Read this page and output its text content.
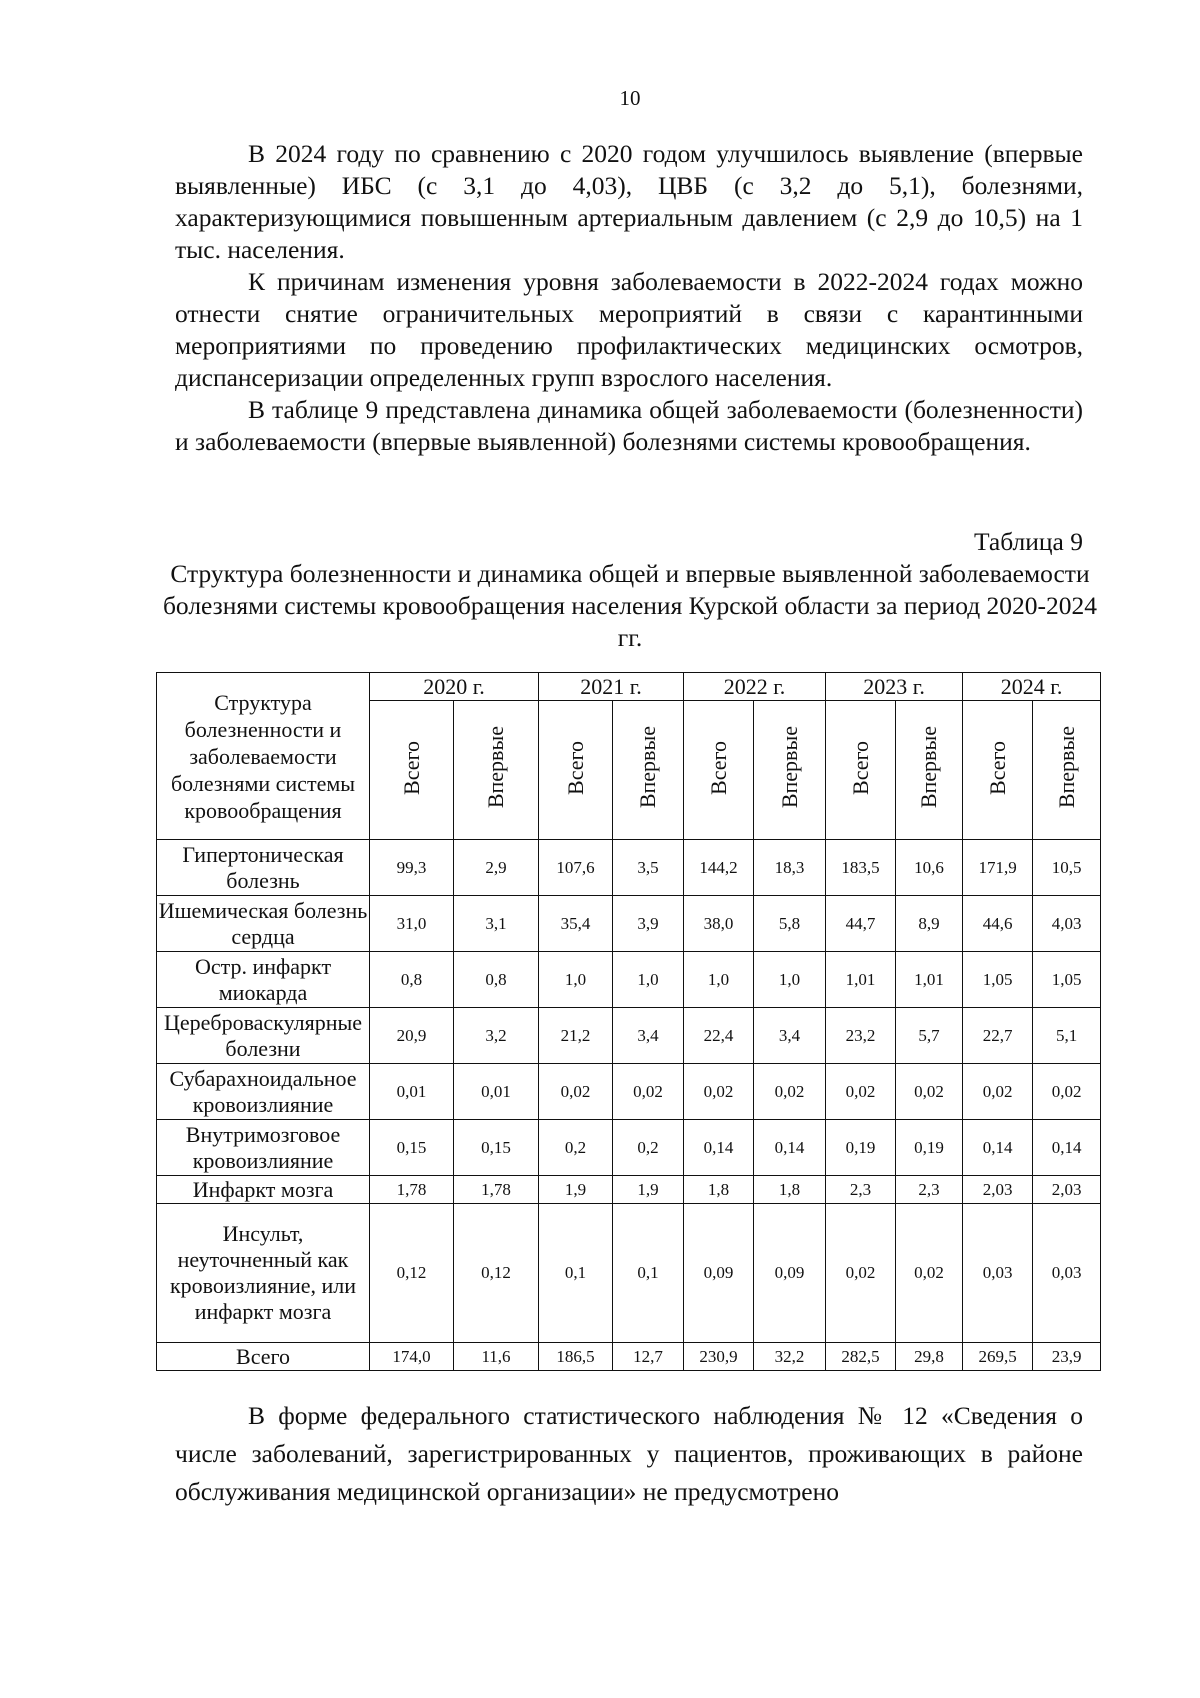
10

В 2024 году по сравнению с 2020 годом улучшилось выявление (впервые выявленные) ИБС (с 3,1 до 4,03), ЦВБ (с 3,2 до 5,1), болезнями, характеризующимися повышенным артериальным давлением (с 2,9 до 10,5) на 1 тыс. населения.

К причинам изменения уровня заболеваемости в 2022-2024 годах можно отнести снятие ограничительных мероприятий в связи с карантинными мероприятиями по проведению профилактических медицинских осмотров, диспансеризации определенных групп взрослого населения.

В таблице 9 представлена динамика общей заболеваемости (болезненности) и заболеваемости (впервые выявленной) болезнями системы кровообращения.

Таблица 9
Структура болезненности и динамика общей и впервые выявленной заболеваемости болезнями системы кровообращения населения Курской области за период 2020-2024 гг.
Структура болезненности и заболеваемости болезнями системы кровообращения	2020 г.		2021 г.		2022 г.		2023 г.		2024 г.	
	Всего	Впервые	Всего	Впервые	Всего	Впервые	Всего	Впервые	Всего	Впервые
Гипертоническая болезнь	99,3	2,9	107,6	3,5	144,2	18,3	183,5	10,6	171,9	10,5
Ишемическая болезнь сердца	31,0	3,1	35,4	3,9	38,0	5,8	44,7	8,9	44,6	4,03
Остр. инфаркт миокарда	0,8	0,8	1,0	1,0	1,0	1,0	1,01	1,01	1,05	1,05
Цереброваскулярные болезни	20,9	3,2	21,2	3,4	22,4	3,4	23,2	5,7	22,7	5,1
Субарахноидальное кровоизлияние	0,01	0,01	0,02	0,02	0,02	0,02	0,02	0,02	0,02	0,02
Внутримозговое кровоизлияние	0,15	0,15	0,2	0,2	0,14	0,14	0,19	0,19	0,14	0,14
Инфаркт мозга	1,78	1,78	1,9	1,9	1,8	1,8	2,3	2,3	2,03	2,03
Инсульт, неуточненный как кровоизлияние, или инфаркт мозга	0,12	0,12	0,1	0,1	0,09	0,09	0,02	0,02	0,03	0,03
Всего	174,0	11,6	186,5	12,7	230,9	32,2	282,5	29,8	269,5	23,9

В форме федерального статистического наблюдения № 12 «Сведения о числе заболеваний, зарегистрированных у пациентов, проживающих в районе обслуживания медицинской организации» не предусмотрено
